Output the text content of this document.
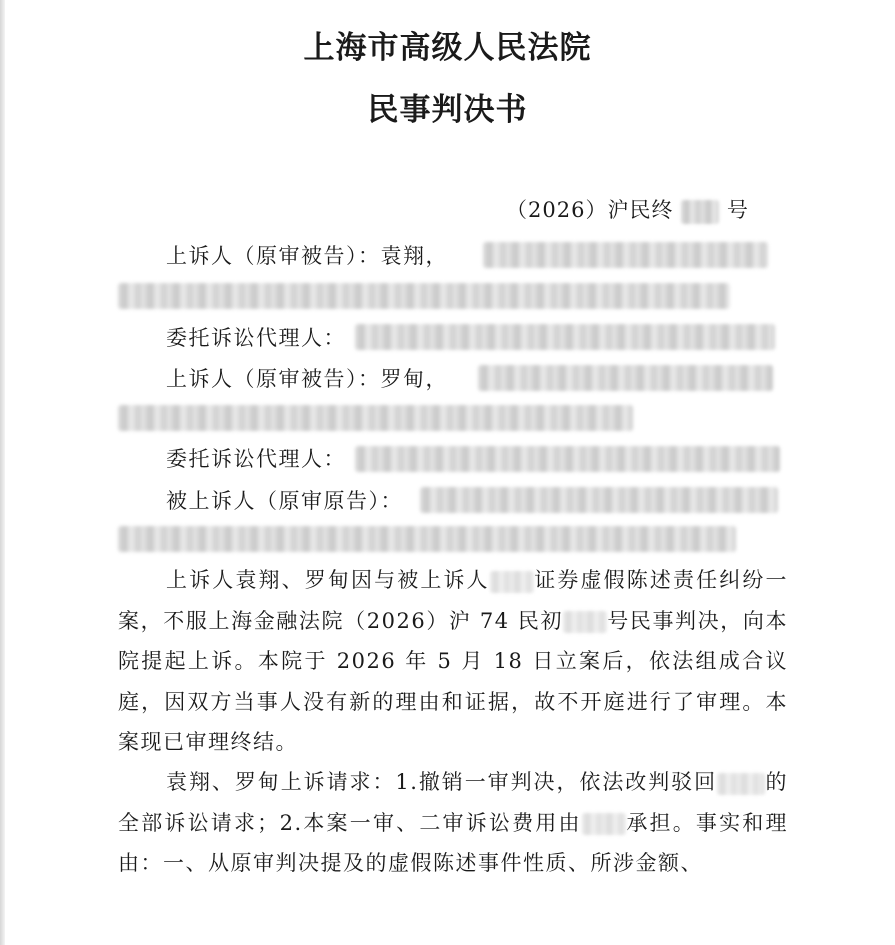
上海市高级人民法院
民事判决书
（2026）沪民终	号
上诉人（原审被告）：袁翔，
委托诉讼代理人：
上诉人（原审被告）：罗甸，
委托诉讼代理人：
被上诉人（原审原告）：
上诉人袁翔、罗甸因与被上诉人 证券虚假陈述责任纠纷一案，不服上海金融法院（2026）沪 74 民初 号民事判决，向本院提起上诉。本院于 2026 年 5 月 18 日立案后，依法组成合议庭，因双方当事人没有新的理由和证据，故不开庭进行了审理。本案现已审理终结。
袁翔、罗甸上诉请求：1.撤销一审判决，依法改判驳回 的全部诉讼请求；2.本案一审、二审诉讼费用由 承担。事实和理由：一、从原审判决提及的虚假陈述事件性质、所涉金额、
